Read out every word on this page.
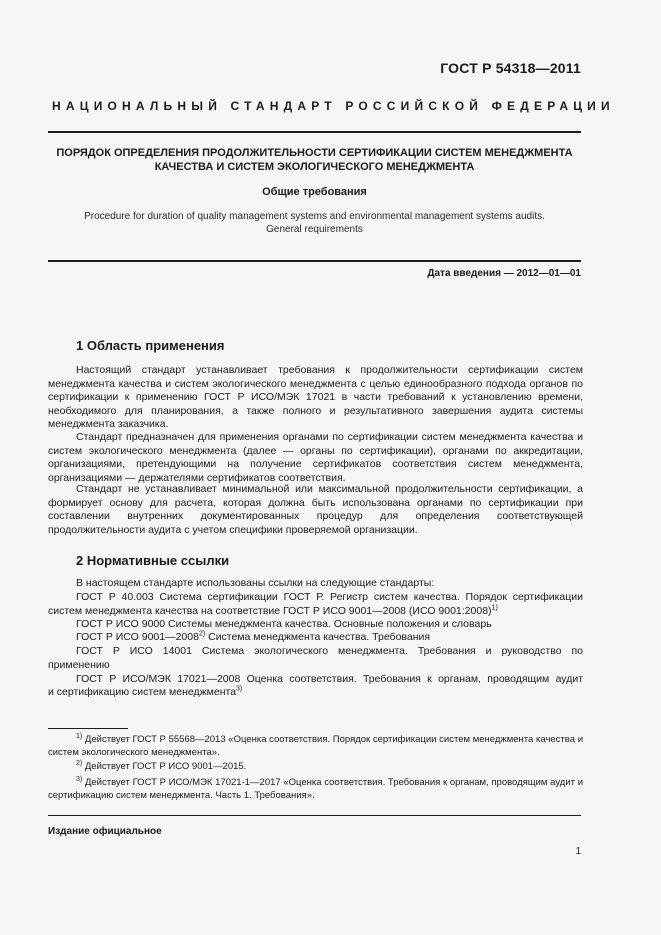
ГОСТ Р 54318—2011
НАЦИОНАЛЬНЫЙ СТАНДАРТ РОССИЙСКОЙ ФЕДЕРАЦИИ
ПОРЯДОК ОПРЕДЕЛЕНИЯ ПРОДОЛЖИТЕЛЬНОСТИ СЕРТИФИКАЦИИ СИСТЕМ МЕНЕДЖМЕНТА
КАЧЕСТВА И СИСТЕМ ЭКОЛОГИЧЕСКОГО МЕНЕДЖМЕНТА
Общие требования
Procedure for duration of quality management systems and environmental management systems audits.
General requirements
Дата введения — 2012—01—01
1 Область применения

Настоящий стандарт устанавливает требования к продолжительности сертификации систем менеджмента качества и систем экологического менеджмента с целью единообразного подхода органов по сертификации к применению ГОСТ Р ИСО/МЭК 17021 в части требований к установлению времени, необходимого для планирования, а также полного и результативного завершения аудита системы менеджмента заказчика.

Стандарт предназначен для применения органами по сертификации систем менеджмента качества и систем экологического менеджмента (далее — органы по сертификации), органами по аккредитации, организациями, претендующими на получение сертификатов соответствия систем менеджмента, организациями — держателями сертификатов соответствия.

Стандарт не устанавливает минимальной или максимальной продолжительности сертификации, а формирует основу для расчета, которая должна быть использована органами по сертификации при составлении внутренних документированных процедур для определения соответствующей продолжительности аудита с учетом специфики проверяемой организации.

2 Нормативные ссылки
В настоящем стандарте использованы ссылки на следующие стандарты:
ГОСТ Р 40.003 Система сертификации ГОСТ Р. Регистр систем качества. Порядок сертификации
систем менеджмента качества на соответствие ГОСТ Р ИСО 9001—2008 (ИСО 9001:2008)$^{1)}$
ГОСТ Р ИСО 9000 Системы менеджмента качества. Основные положения и словарь
ГОСТ Р ИСО 9001—2008$^{2)}$ Система менеджмента качества. Требования
ГОСТ Р ИСО 14001 Система экологического менеджмента. Требования и руководство по
применению
ГОСТ Р ИСО/МЭК 17021—2008 Оценка соответствия. Требования к органам, проводящим аудит
и сертификацию систем менеджмента$^{3)}$

$^{1)}$ Действует ГОСТ Р 55568—2013 «Оценка соответствия. Порядок сертификации систем менеджмента качества и систем экологического менеджмента».

$^{2)}$ Действует ГОСТ Р ИСО 9001—2015.

$^{3)}$ Действует ГОСТ Р ИСО/МЭК 17021-1—2017 «Оценка соответствия. Требования к органам, проводящим аудит и сертификацию систем менеджмента. Часть 1. Требования».

Издание официальное
1
